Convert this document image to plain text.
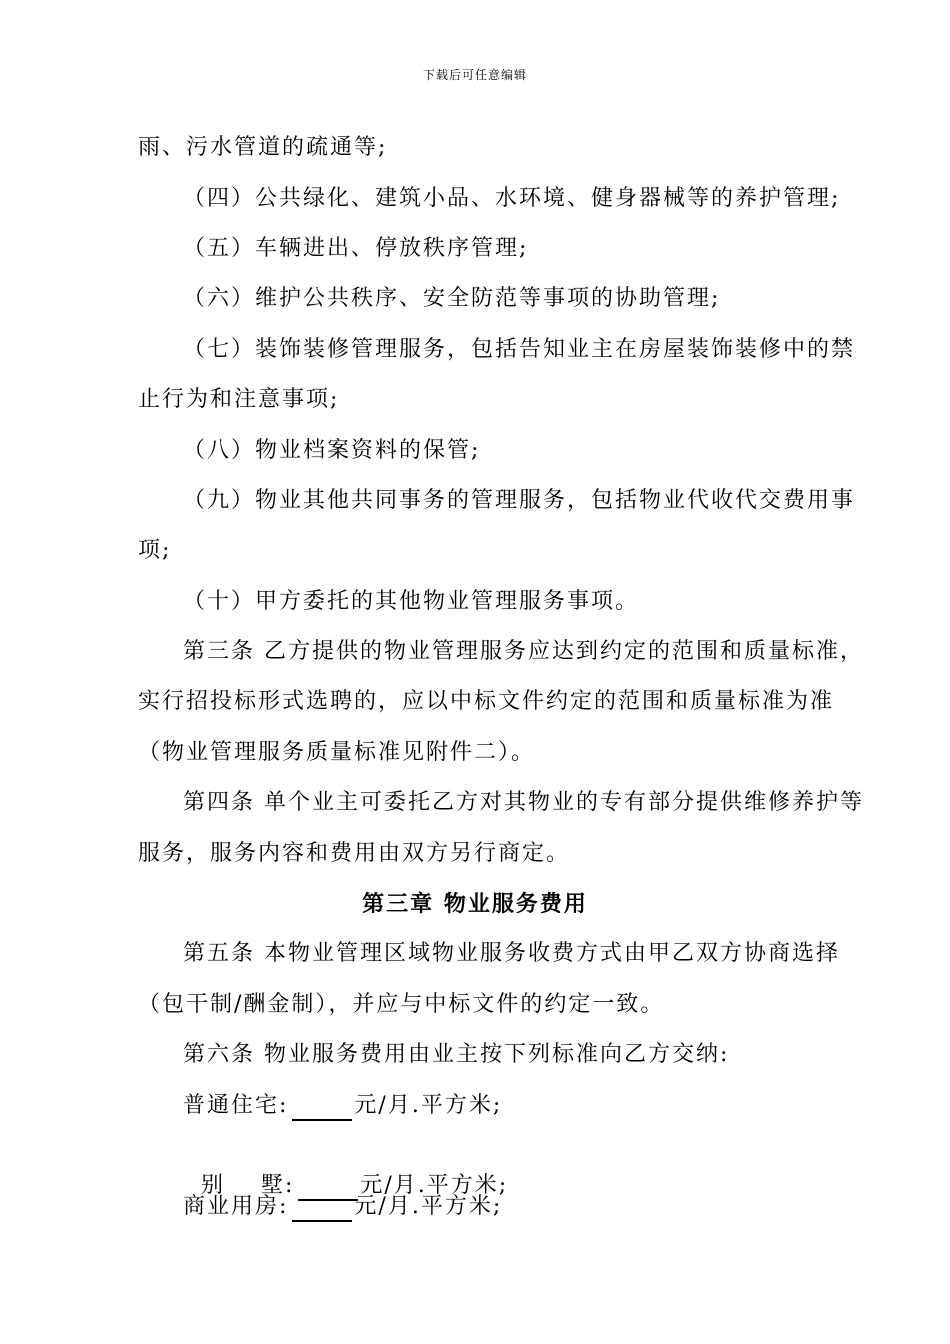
下载后可任意编辑
雨、污水管道的疏通等;
（四）公共绿化、建筑小品、水环境、健身器械等的养护管理;
（五）车辆进出、停放秩序管理;
（六）维护公共秩序、安全防范等事项的协助管理;
（七）装饰装修管理服务，包括告知业主在房屋装饰装修中的禁
止行为和注意事项;
（八）物业档案资料的保管;
（九）物业其他共同事务的管理服务，包括物业代收代交费用事
项;
（十）甲方委托的其他物业管理服务事项。
第三条 乙方提供的物业管理服务应达到约定的范围和质量标准，
实行招投标形式选聘的，应以中标文件约定的范围和质量标准为准
（物业管理服务质量标准见附件二）。
第四条 单个业主可委托乙方对其物业的专有部分提供维修养护等
服务，服务内容和费用由双方另行商定。
第三章 物业服务费用
第五条 本物业管理区域物业服务收费方式由甲乙双方协商选择
（包干制/酬金制），并应与中标文件的约定一致。
第六条 物业服务费用由业主按下列标准向乙方交纳:
普通住宅:	元/月.平方米;

别    墅:	元/月.平方米;

商业用房:	元/月.平方米;
